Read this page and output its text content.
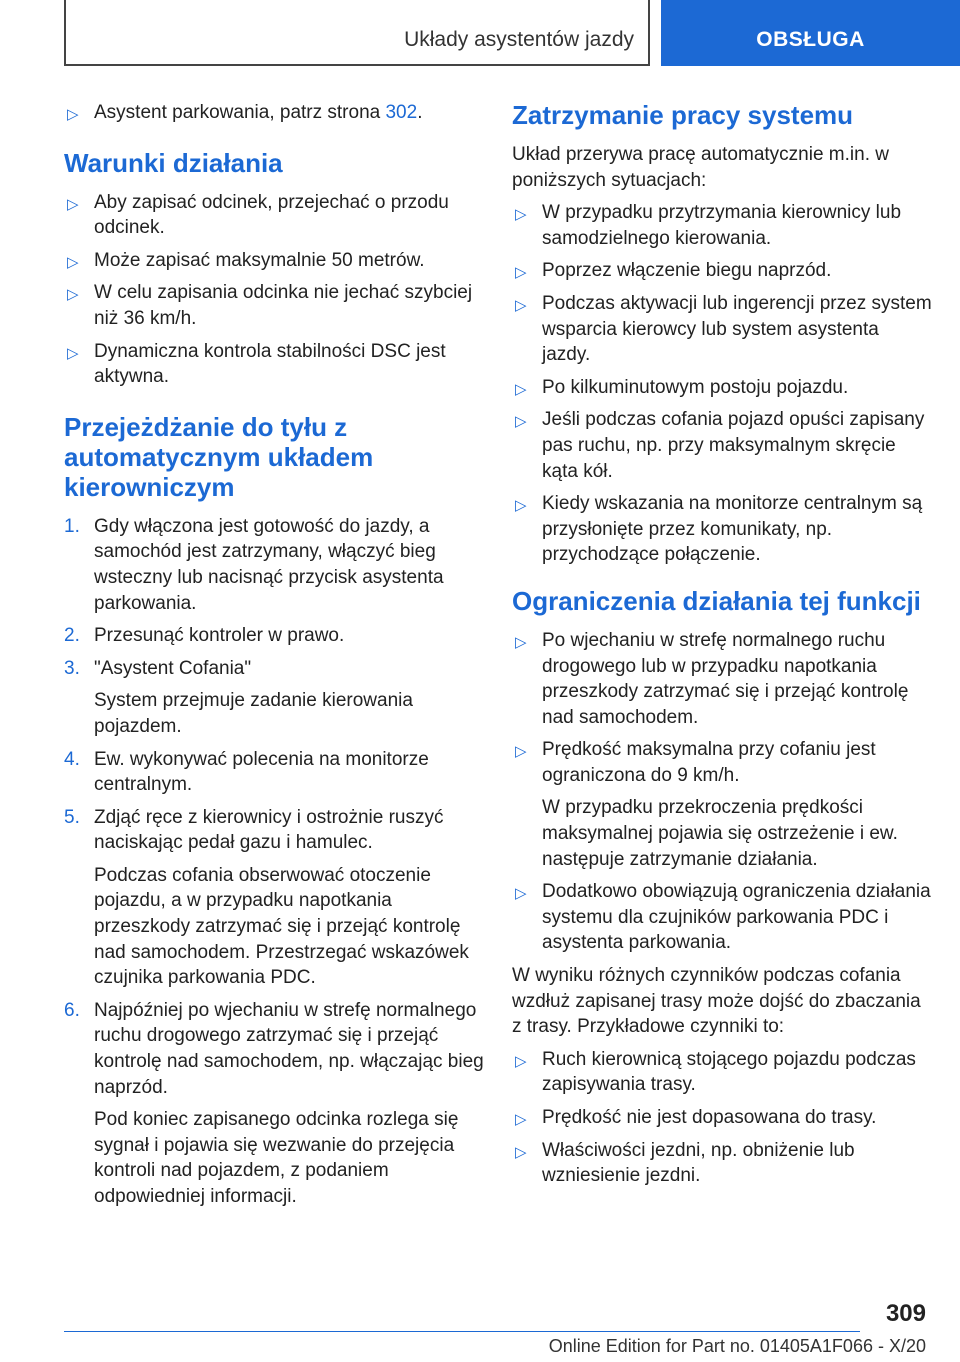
Układy asystentów jazdy	OBSŁUGA
▷ Asystent parkowania, patrz strona 302.
Warunki działania
▷ Aby zapisać odcinek, przejechać o przodu odcinek.
▷ Może zapisać maksymalnie 50 metrów.
▷ W celu zapisania odcinka nie jechać szybciej niż 36 km/h.
▷ Dynamiczna kontrola stabilności DSC jest aktywna.
Przejeżdżanie do tyłu z automatycznym układem kierowniczym
1. Gdy włączona jest gotowość do jazdy, a samochód jest zatrzymany, włączyć bieg wsteczny lub nacisnąć przycisk asystenta parkowania.
2. Przesunąć kontroler w prawo.
3. "Asystent Cofania"
System przejmuje zadanie kierowania pojazdem.
4. Ew. wykonywać polecenia na monitorze centralnym.
5. Zdjąć ręce z kierownicy i ostrożnie ruszyć naciskając pedał gazu i hamulec.
Podczas cofania obserwować otoczenie pojazdu, a w przypadku napotkania przeszkody zatrzymać się i przejąć kontrolę nad samochodem. Przestrzegać wskazówek czujnika parkowania PDC.
6. Najpóźniej po wjechaniu w strefę normalnego ruchu drogowego zatrzymać się i przejąć kontrolę nad samochodem, np. włączając bieg naprzód.
Pod koniec zapisanego odcinka rozlega się sygnał i pojawia się wezwanie do przejęcia kontroli nad pojazdem, z podaniem odpowiedniej informacji.
Zatrzymanie pracy systemu
Układ przerywa pracę automatycznie m.in. w poniższych sytuacjach:
▷ W przypadku przytrzymania kierownicy lub samodzielnego kierowania.
▷ Poprzez włączenie biegu naprzód.
▷ Podczas aktywacji lub ingerencji przez system wsparcia kierowcy lub system asystenta jazdy.
▷ Po kilkuminutowym postoju pojazdu.
▷ Jeśli podczas cofania pojazd opuści zapisany pas ruchu, np. przy maksymalnym skręcie kąta kół.
▷ Kiedy wskazania na monitorze centralnym są przysłonięte przez komunikaty, np. przychodzące połączenie.
Ograniczenia działania tej funkcji
▷ Po wjechaniu w strefę normalnego ruchu drogowego lub w przypadku napotkania przeszkody zatrzymać się i przejąć kontrolę nad samochodem.
▷ Prędkość maksymalna przy cofaniu jest ograniczona do 9 km/h.
W przypadku przekroczenia prędkości maksymalnej pojawia się ostrzeżenie i ew. następuje zatrzymanie działania.
▷ Dodatkowo obowiązują ograniczenia działania systemu dla czujników parkowania PDC i asystenta parkowania.
W wyniku różnych czynników podczas cofania wzdłuż zapisanej trasy może dojść do zbaczania z trasy. Przykładowe czynniki to:
▷ Ruch kierownicą stojącego pojazdu podczas zapisywania trasy.
▷ Prędkość nie jest dopasowana do trasy.
▷ Właściwości jezdni, np. obniżenie lub wzniesienie jezdni.
309
Online Edition for Part no. 01405A1F066 - X/20
